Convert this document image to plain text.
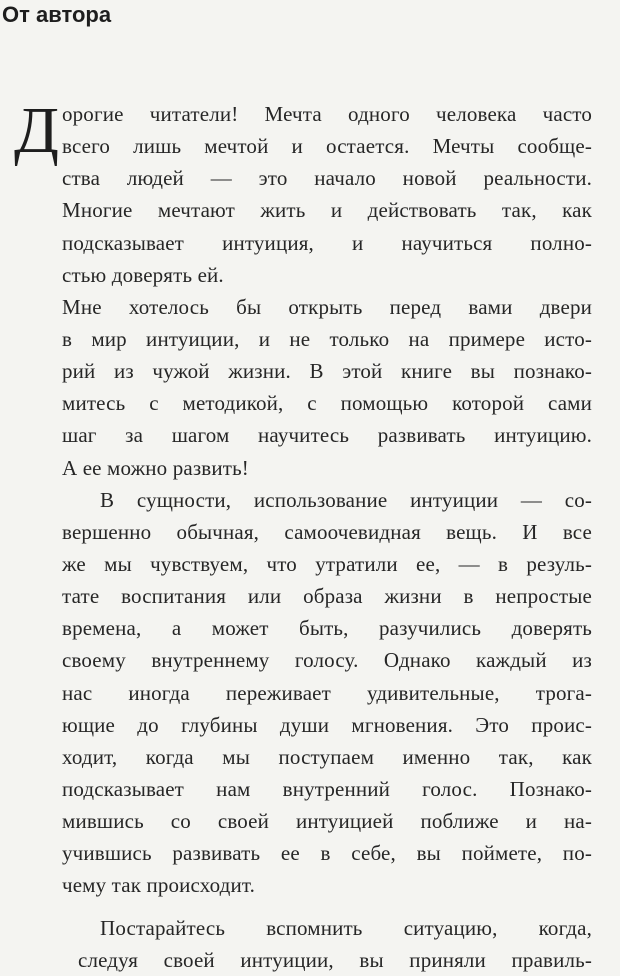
От автора
Д орогие читатели! Мечта одного человека часто
всего лишь мечтой и остается. Мечты сообще-
ства людей — это начало новой реальности.
Многие мечтают жить и действовать так, как
подсказывает интуиция, и научиться полно-
стью доверять ей.
Мне хотелось бы открыть перед вами двери
в мир интуиции, и не только на примере исто-
рий из чужой жизни. В этой книге вы познако-
митесь с методикой, с помощью которой сами
шаг за шагом научитесь развивать интуицию.
А ее можно развить!
В сущности, использование интуиции — со-
вершенно обычная, самоочевидная вещь. И все
же мы чувствуем, что утратили ее, — в резуль-
тате воспитания или образа жизни в непростые
времена, а может быть, разучились доверять
своему внутреннему голосу. Однако каждый из
нас иногда переживает удивительные, трога-
ющие до глубины души мгновения. Это проис-
ходит, когда мы поступаем именно так, как
подсказывает нам внутренний голос. Познако-
мившись со своей интуицией поближе и на-
учившись развивать ее в себе, вы поймете, по-
чему так происходит.
Постарайтесь вспомнить ситуацию, когда,
следуя своей интуиции, вы приняли правиль-
